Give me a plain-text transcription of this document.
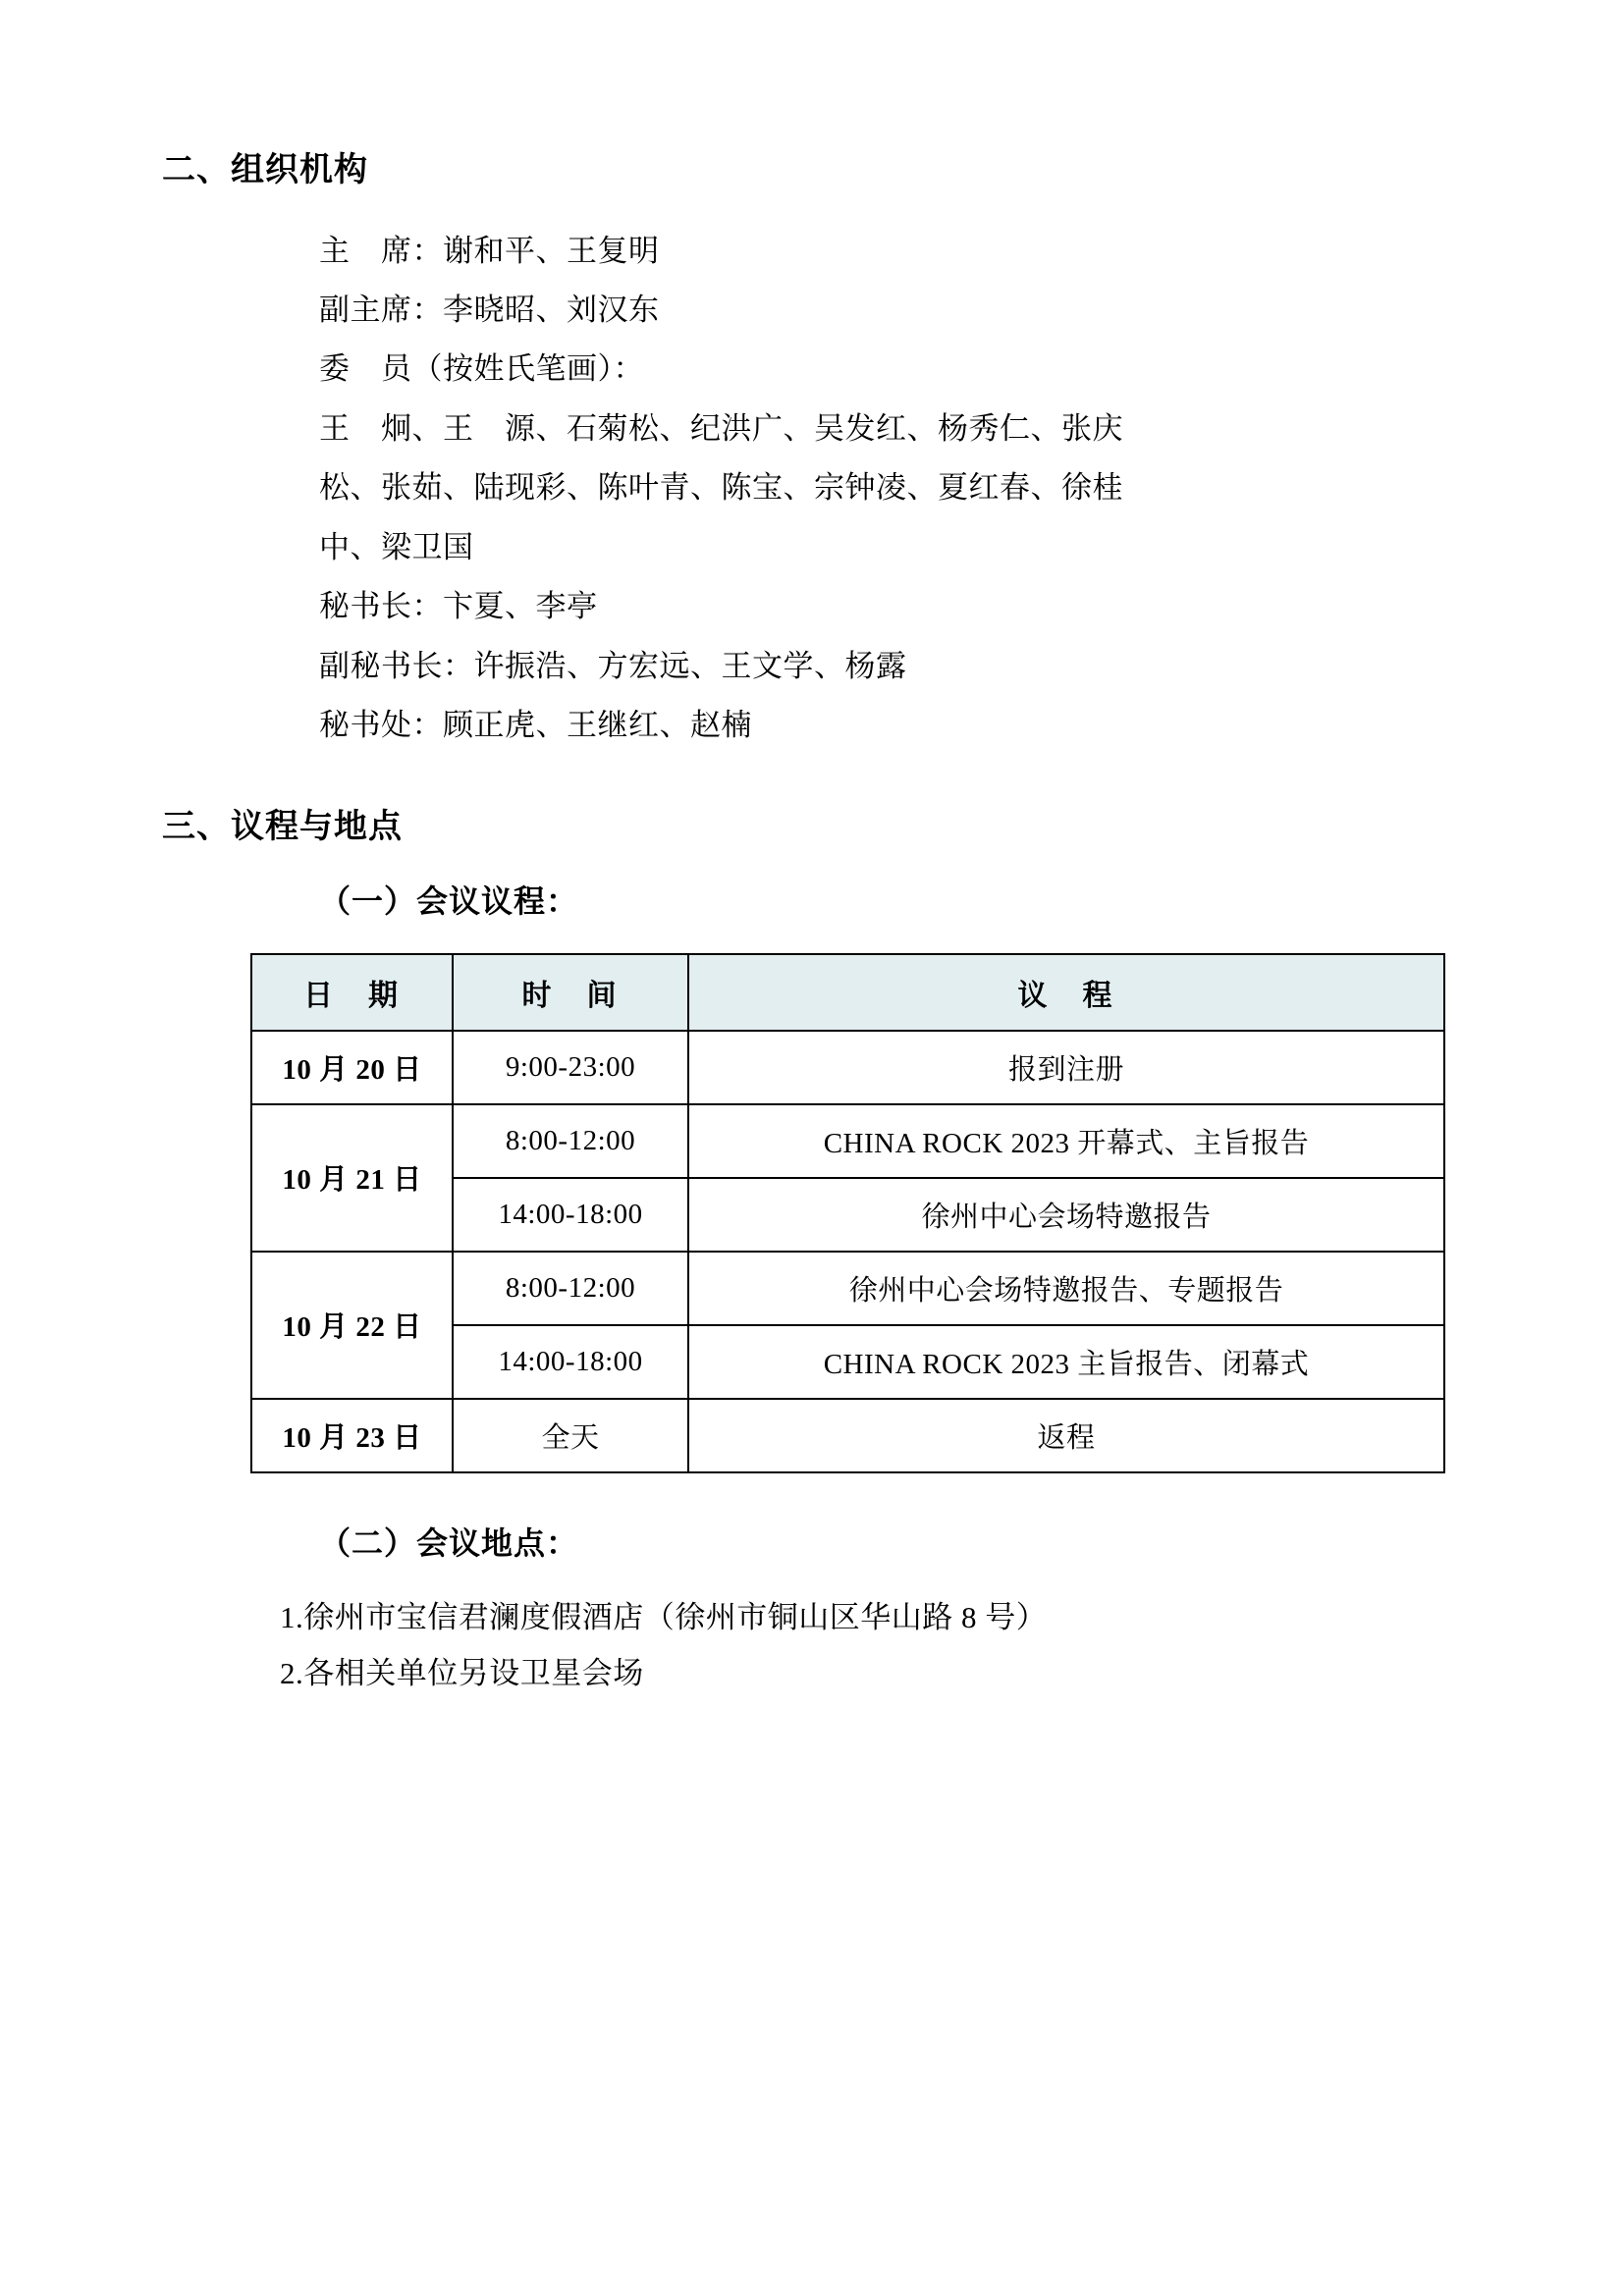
二、组织机构
主　席：谢和平、王复明
副主席：李晓昭、刘汉东
委　员（按姓氏笔画）：
王　炯、王　源、石菊松、纪洪广、吴发红、杨秀仁、张庆
松、张茹、陆现彩、陈叶青、陈宝、宗钟凌、夏红春、徐桂
中、梁卫国
秘书长：卞夏、李亭
副秘书长：许振浩、方宏远、王文学、杨露
秘书处：顾正虎、王继红、赵楠
三、议程与地点
（一）会议议程：
日　期	时　间	议　程
10 月 20 日	9:00-23:00	报到注册
10 月 21 日	8:00-12:00	CHINA ROCK 2023 开幕式、主旨报告
	14:00-18:00	徐州中心会场特邀报告
10 月 22 日	8:00-12:00	徐州中心会场特邀报告、专题报告
	14:00-18:00	CHINA ROCK 2023 主旨报告、闭幕式
10 月 23 日	全天	返程
（二）会议地点：
1.徐州市宝信君澜度假酒店（徐州市铜山区华山路 8 号）
2.各相关单位另设卫星会场
